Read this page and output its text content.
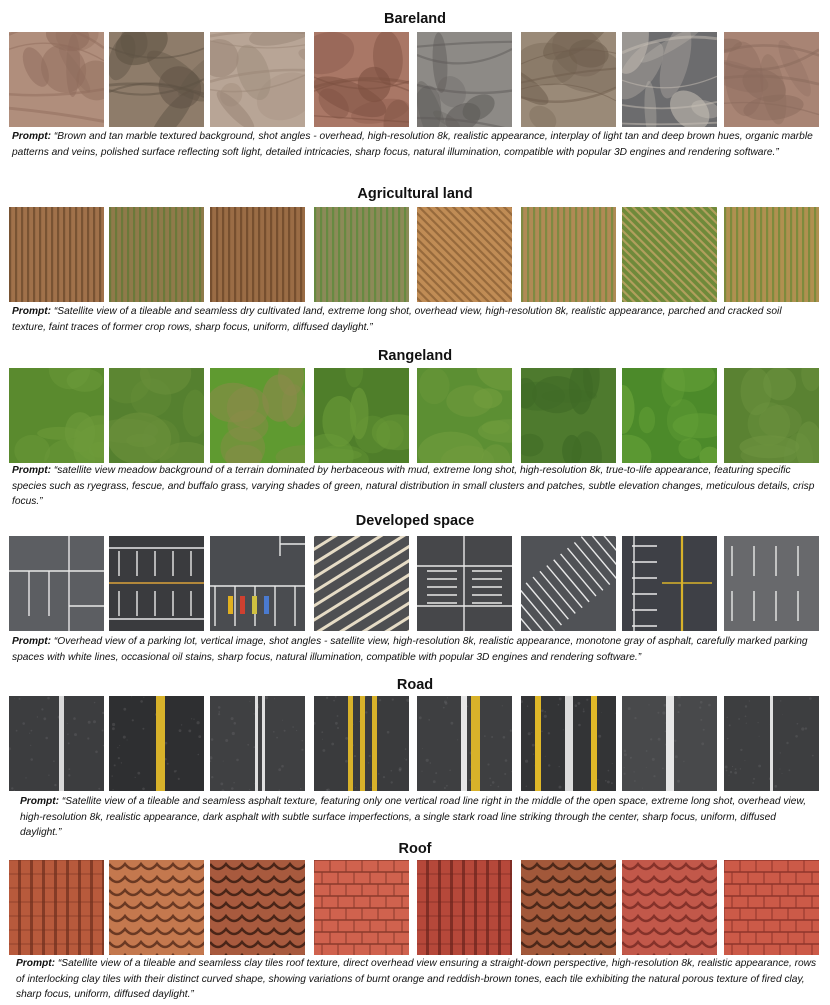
Bareland
Prompt: “Brown and tan marble textured background, shot angles - overhead, high-resolution 8k, realistic appearance, interplay of light tan and deep brown hues, organic marble patterns and veins, polished surface reflecting soft light, detailed intricacies, sharp focus, natural illumination, compatible with popular 3D engines and rendering software.”
Agricultural land
Prompt: “Satellite view of a tileable and seamless dry cultivated land, extreme long shot, overhead view, high-resolution 8k, realistic appearance, parched and cracked soil texture, faint traces of former crop rows, sharp focus, uniform, diffused daylight.”
Rangeland
Prompt: “satellite view meadow background of a terrain dominated by herbaceous with mud, extreme long shot, high-resolution 8k, true-to-life appearance, featuring specific species such as ryegrass, fescue, and buffalo grass, varying shades of green, natural distribution in small clusters and patches, subtle elevation changes, meticulous details, crisp focus.”
Developed space
Prompt: “Overhead view of a parking lot, vertical image, shot angles - satellite view, high-resolution 8k, realistic appearance, monotone gray of asphalt, carefully marked parking spaces with white lines, occasional oil stains, sharp focus, natural illumination, compatible with popular 3D engines and rendering software.”
Road
Prompt: “Satellite view of a tileable and seamless asphalt texture, featuring only one vertical road line right in the middle of the open space, extreme long shot, overhead view, high-resolution 8k, realistic appearance, dark asphalt with subtle surface imperfections, a single stark road line striking through the center, sharp focus, uniform, diffused daylight.”
Roof
Prompt: “Satellite view of a tileable and seamless clay tiles roof texture, direct overhead view ensuring a straight-down perspective, high-resolution 8k, realistic appearance, rows of interlocking clay tiles with their distinct curved shape, showing variations of burnt orange and reddish-brown tones, each tile exhibiting the natural porous texture of fired clay, sharp focus, uniform, diffused daylight.”
